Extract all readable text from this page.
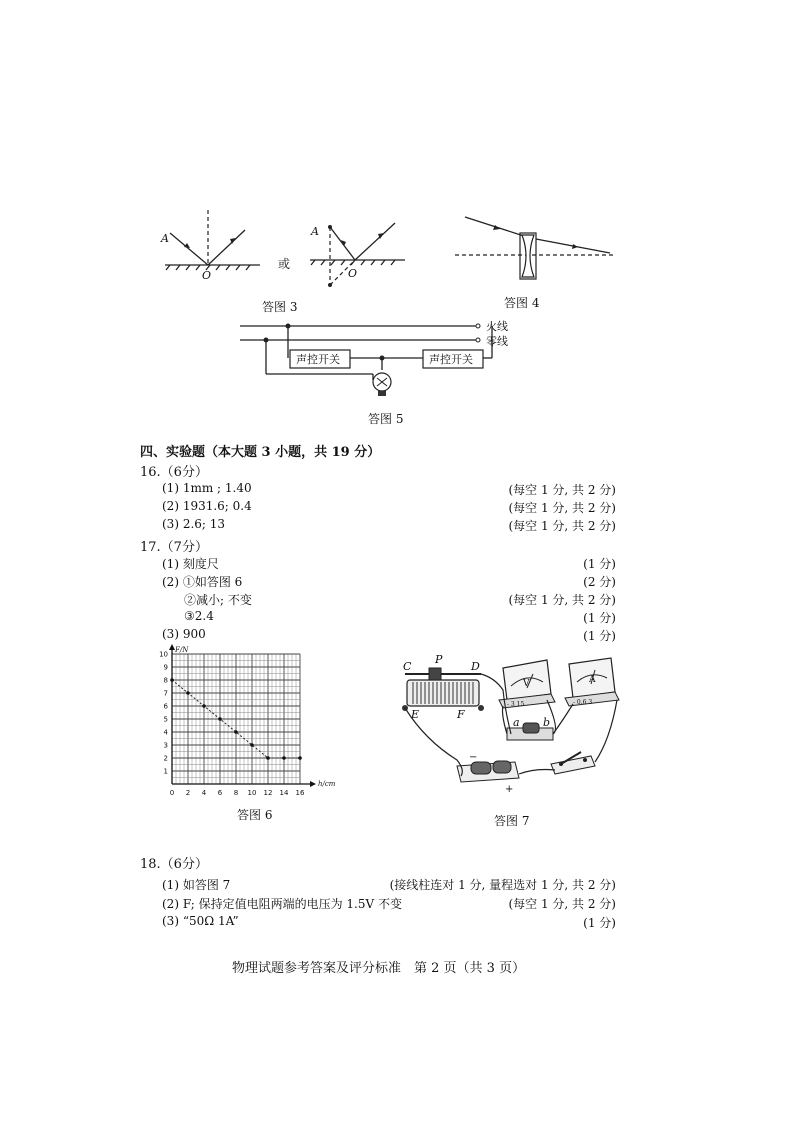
A
O
或
A
O
答图 3	答图 4
火线
零线
声控开关	声控开关
答图 5
四、实验题（本大题 3 小题，共 19 分）
16.（6分）
(1) 1mm ; 1.40	(每空 1 分, 共 2 分)
(2) 1931.6; 0.4	(每空 1 分, 共 2 分)
(3) 2.6; 13	(每空 1 分, 共 2 分)
17.（7分）
(1) 刻度尺	(1 分)
(2) ①如答图 6	(2 分)
②减小; 不变	(每空 1 分, 共 2 分)
③2.4	(1 分)
(3) 900	(1 分)
0 2 4 6 8 10 12 14 16
1
2
3
4
5
6
7
8
9
10
F/N
h/cm
答图 6
C
P
D
E	F
V
- 3 15
A
- 0.6 3
a b
−
+
答图 7
18.（6分）
(1) 如答图 7	(接线柱连对 1 分, 量程选对 1 分, 共 2 分)
(2) F; 保持定值电阻两端的电压为 1.5V 不变	(每空 1 分, 共 2 分)
(3) “50Ω 1A”	(1 分)
物理试题参考答案及评分标准　第 2 页（共 3 页）
